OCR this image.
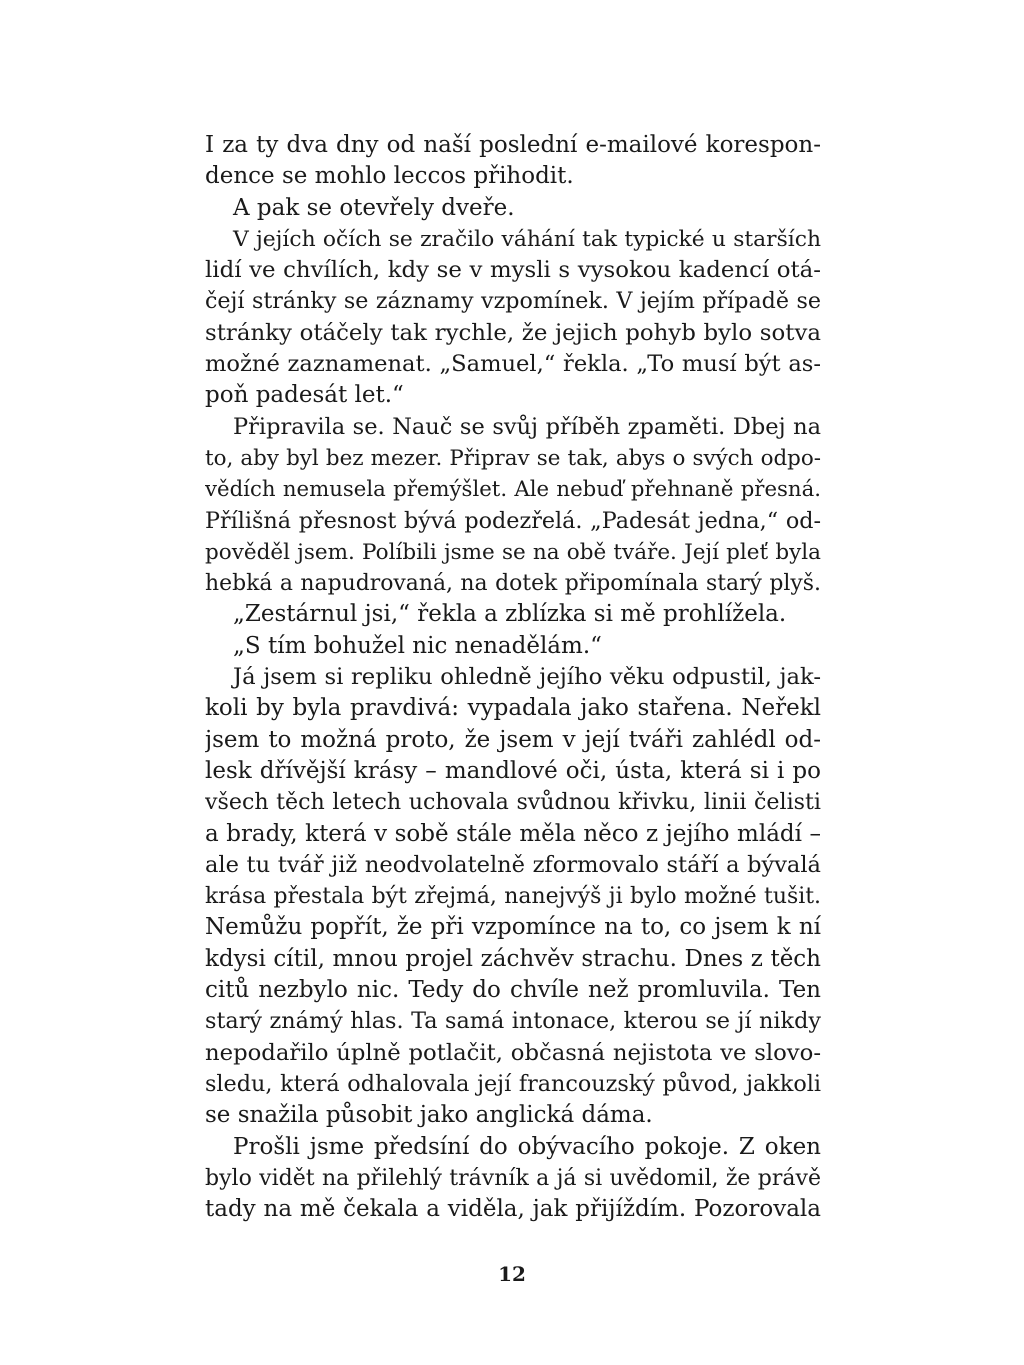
I za ty dva dny od naší poslední e-mailové korespon-
dence se mohlo leccos přihodit.
A pak se otevřely dveře.
V jejích očích se zračilo váhání tak typické u starších
lidí ve chvílích, kdy se v mysli s vysokou kadencí otá-
čejí stránky se záznamy vzpomínek. V jejím případě se
stránky otáčely tak rychle, že jejich pohyb bylo sotva
možné zaznamenat. „Samuel,“ řekla. „To musí být as-
poň padesát let.“
Připravila se. Nauč se svůj příběh zpaměti. Dbej na
to, aby byl bez mezer. Připrav se tak, abys o svých odpo-
vědích nemusela přemýšlet. Ale nebuď přehnaně přesná.
Přílišná přesnost bývá podezřelá. „Padesát jedna,“ od-
pověděl jsem. Políbili jsme se na obě tváře. Její pleť byla
hebká a napudrovaná, na dotek připomínala starý plyš.
„Zestárnul jsi,“ řekla a zblízka si mě prohlížela.
„S tím bohužel nic nenadělám.“
Já jsem si repliku ohledně jejího věku odpustil, jak-
koli by byla pravdivá: vypadala jako stařena. Neřekl
jsem to možná proto, že jsem v její tváři zahlédl od-
lesk dřívější krásy – mandlové oči, ústa, která si i po
všech těch letech uchovala svůdnou křivku, linii čelisti
a brady, která v sobě stále měla něco z jejího mládí –
ale tu tvář již neodvolatelně zformovalo stáří a bývalá
krása přestala být zřejmá, nanejvýš ji bylo možné tušit.
Nemůžu popřít, že při vzpomínce na to, co jsem k ní
kdysi cítil, mnou projel záchvěv strachu. Dnes z těch
citů nezbylo nic. Tedy do chvíle než promluvila. Ten
starý známý hlas. Ta samá intonace, kterou se jí nikdy
nepodařilo úplně potlačit, občasná nejistota ve slovo-
sledu, která odhalovala její francouzský původ, jakkoli
se snažila působit jako anglická dáma.
Prošli jsme předsíní do obývacího pokoje. Z oken
bylo vidět na přilehlý trávník a já si uvědomil, že právě
tady na mě čekala a viděla, jak přijíždím. Pozorovala
12
